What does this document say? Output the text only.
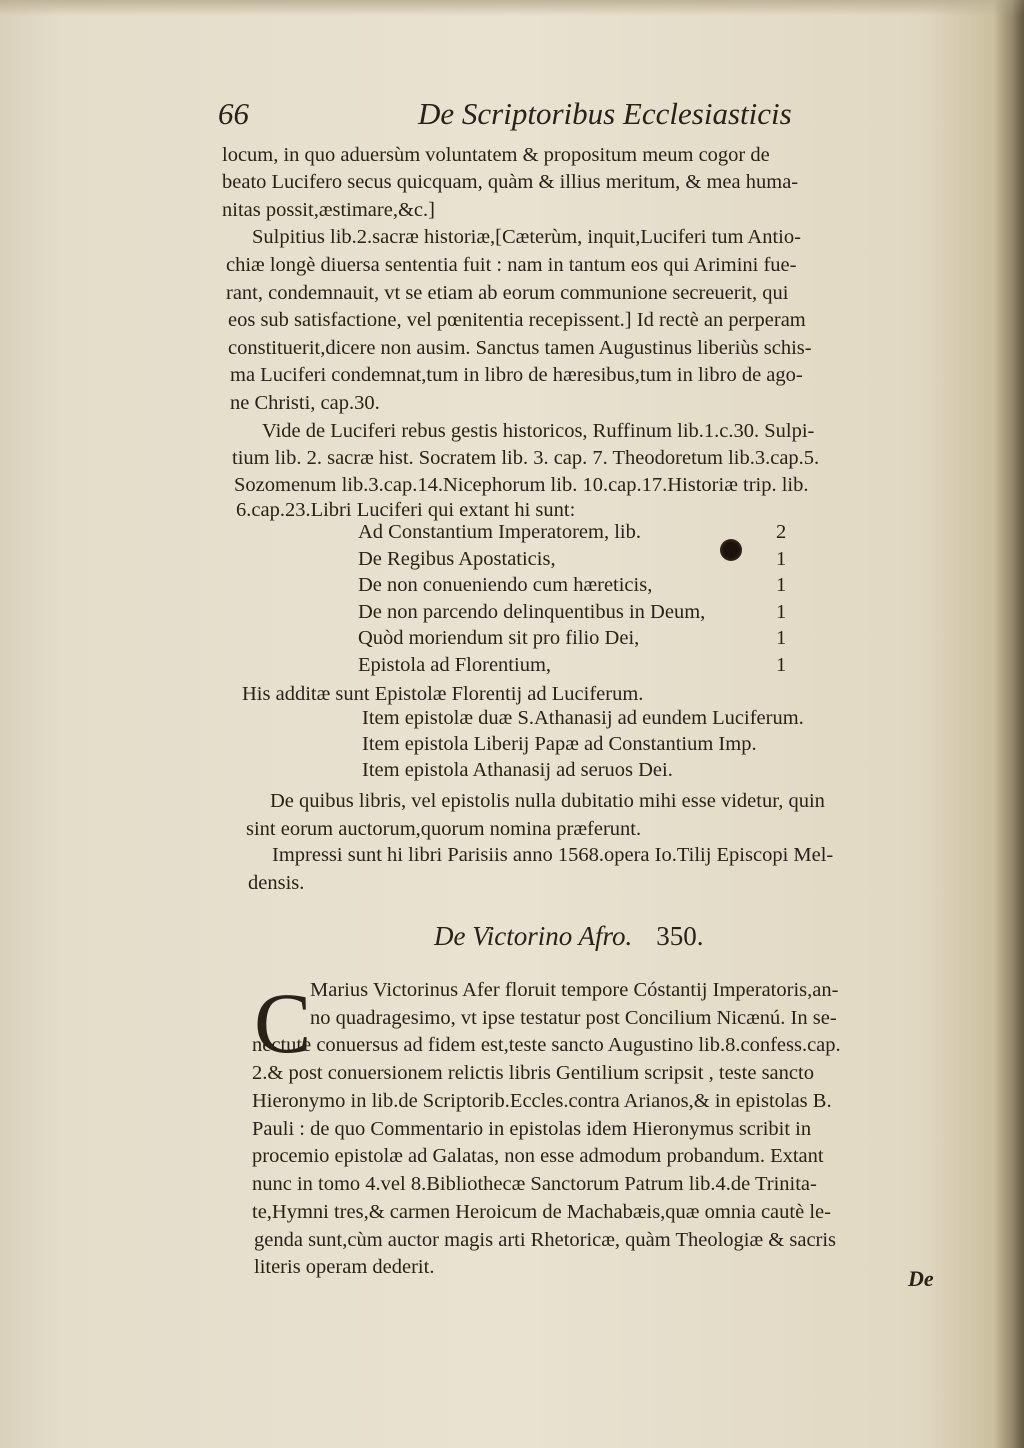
66	De Scriptoribus Ecclesiasticis
locum, in quo aduersùm voluntatem & propositum meum cogor de
beato Lucifero secus quicquam, quàm & illius meritum, & mea huma-
nitas possit,æstimare,&c.]
Sulpitius lib.2.sacræ historiæ,[Cæterùm, inquit,Luciferi tum Antio-
chiæ longè diuersa sententia fuit : nam in tantum eos qui Arimini fue-
rant, condemnauit, vt se etiam ab eorum communione secreuerit, qui
eos sub satisfactione, vel pœnitentia recepissent.] Id rectè an perperam
constituerit,dicere non ausim. Sanctus tamen Augustinus liberiùs schis-
ma Luciferi condemnat,tum in libro de hæresibus,tum in libro de ago-
ne Christi, cap.30.
Vide de Luciferi rebus gestis historicos, Ruffinum lib.1.c.30. Sulpi-
tium lib. 2. sacræ hist. Socratem lib. 3. cap. 7. Theodoretum lib.3.cap.5.
Sozomenum lib.3.cap.14.Nicephorum lib. 10.cap.17.Historiæ trip. lib.
6.cap.23.Libri Luciferi qui extant hi sunt:
Ad Constantium Imperatorem, lib.	2
De Regibus Apostaticis,	1
De non conueniendo cum hæreticis,	1
De non parcendo delinquentibus in Deum,	1
Quòd moriendum sit pro filio Dei,	1
Epistola ad Florentium,	1
His additæ sunt Epistolæ Florentij ad Luciferum.
Item epistolæ duæ S.Athanasij ad eundem Luciferum.
Item epistola Liberij Papæ ad Constantium Imp.
Item epistola Athanasij ad seruos Dei.
De quibus libris, vel epistolis nulla dubitatio mihi esse videtur, quin
sint eorum auctorum,quorum nomina præferunt.
Impressi sunt hi libri Parisiis anno 1568.opera Io.Tilij Episcopi Mel-
densis.
De Victorino Afro. 350.
C
Marius Victorinus Afer floruit tempore Cóstantij Imperatoris,an-
no quadragesimo, vt ipse testatur post Concilium Nicænú. In se-
nectute conuersus ad fidem est,teste sancto Augustino lib.8.confess.cap.
2.& post conuersionem relictis libris Gentilium scripsit , teste sancto
Hieronymo in lib.de Scriptorib.Eccles.contra Arianos,& in epistolas B.
Pauli : de quo Commentario in epistolas idem Hieronymus scribit in
procemio epistolæ ad Galatas, non esse admodum probandum. Extant
nunc in tomo 4.vel 8.Bibliothecæ Sanctorum Patrum lib.4.de Trinita-
te,Hymni tres,& carmen Heroicum de Machabæis,quæ omnia cautè le-
genda sunt,cùm auctor magis arti Rhetoricæ, quàm Theologiæ & sacris
literis operam dederit.	De
